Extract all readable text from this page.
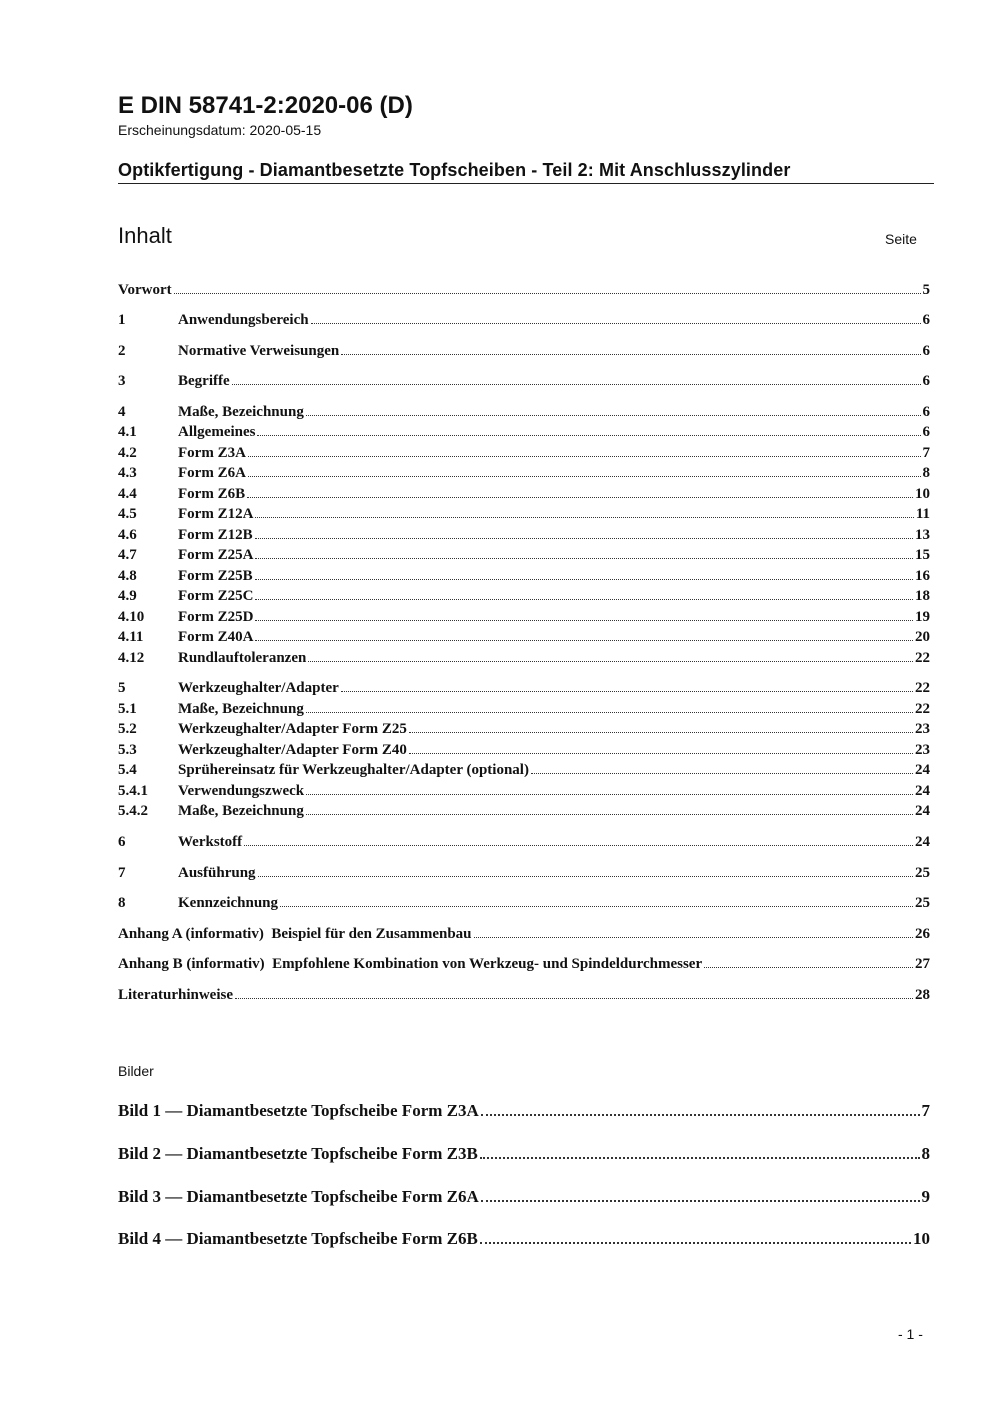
E DIN 58741-2:2020-06 (D)
Erscheinungsdatum: 2020-05-15
Optikfertigung - Diamantbesetzte Topfscheiben - Teil 2: Mit Anschlusszylinder
Inhalt	Seite
Vorwort	5
1	Anwendungsbereich	6
2	Normative Verweisungen	6
3	Begriffe	6
4	Maße, Bezeichnung	6
4.1	Allgemeines	6
4.2	Form Z3A	7
4.3	Form Z6A	8
4.4	Form Z6B	10
4.5	Form Z12A	11
4.6	Form Z12B	13
4.7	Form Z25A	15
4.8	Form Z25B	16
4.9	Form Z25C	18
4.10	Form Z25D	19
4.11	Form Z40A	20
4.12	Rundlauftoleranzen	22
5	Werkzeughalter/Adapter	22
5.1	Maße, Bezeichnung	22
5.2	Werkzeughalter/Adapter Form Z25	23
5.3	Werkzeughalter/Adapter Form Z40	23
5.4	Sprühereinsatz für Werkzeughalter/Adapter (optional)	24
5.4.1	Verwendungszweck	24
5.4.2	Maße, Bezeichnung	24
6	Werkstoff	24
7	Ausführung	25
8	Kennzeichnung	25
Anhang A (informativ)  Beispiel für den Zusammenbau	26
Anhang B (informativ)  Empfohlene Kombination von Werkzeug- und Spindeldurchmesser	27
Literaturhinweise	28
Bilder
Bild 1 — Diamantbesetzte Topfscheibe Form Z3A	7
Bild 2 — Diamantbesetzte Topfscheibe Form Z3B	8
Bild 3 — Diamantbesetzte Topfscheibe Form Z6A	9
Bild 4 — Diamantbesetzte Topfscheibe Form Z6B	10
- 1 -
